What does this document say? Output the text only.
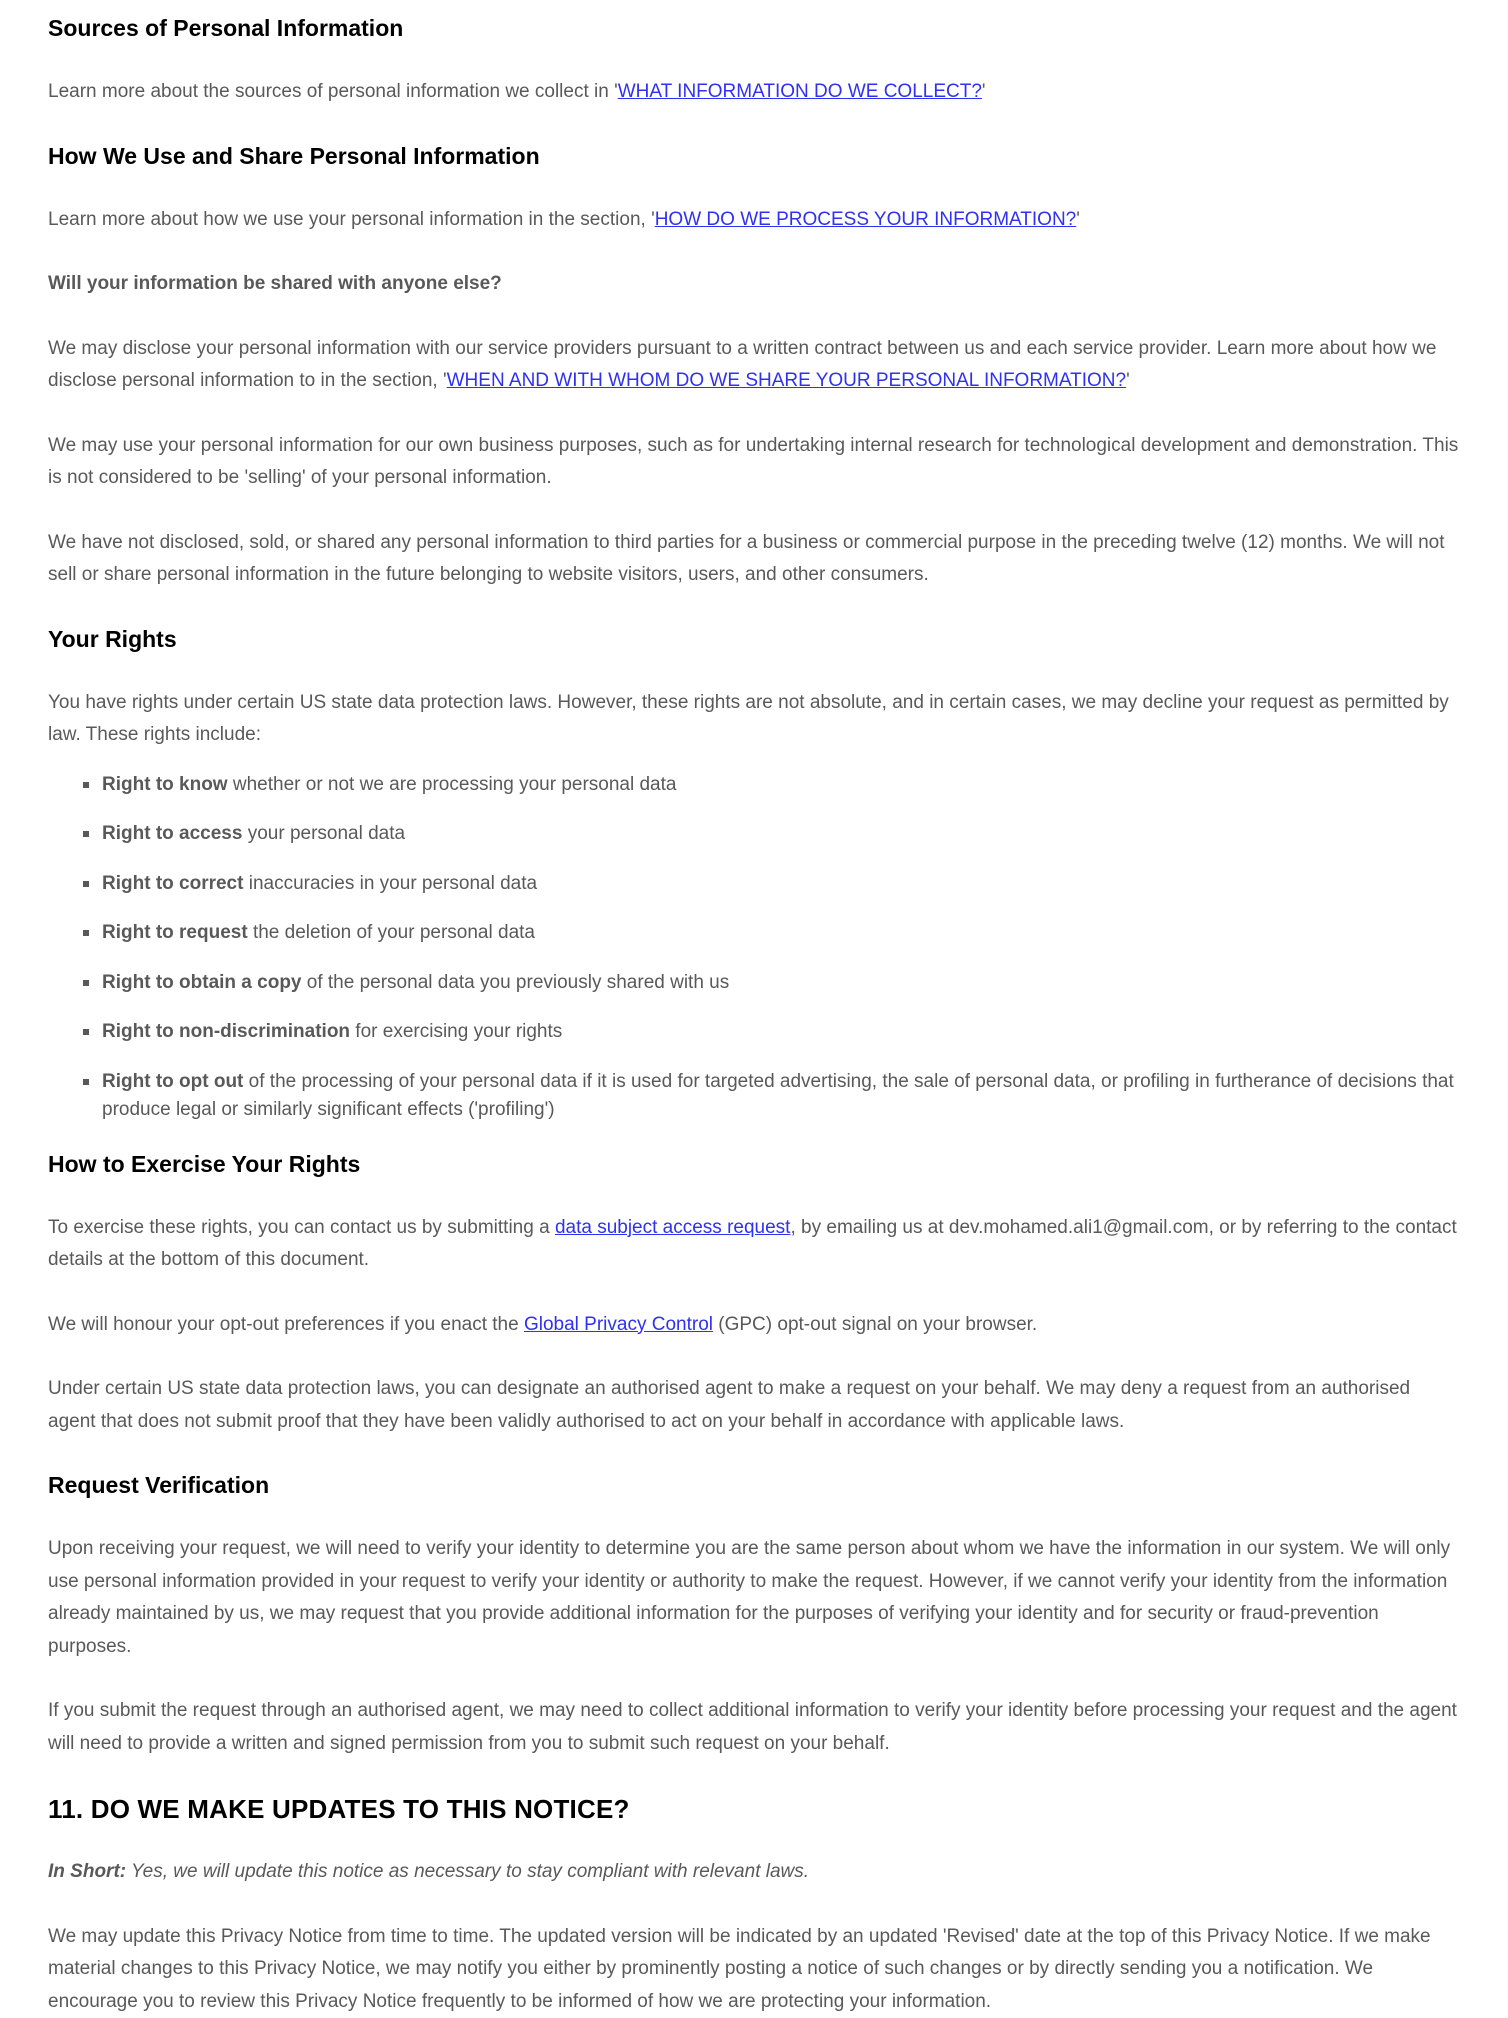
Sources of Personal Information

Learn more about the sources of personal information we collect in 'WHAT INFORMATION DO WE COLLECT?'

How We Use and Share Personal Information

Learn more about how we use your personal information in the section, 'HOW DO WE PROCESS YOUR INFORMATION?'

Will your information be shared with anyone else?

We may disclose your personal information with our service providers pursuant to a written contract between us and each service provider. Learn more about how we disclose personal information to in the section, 'WHEN AND WITH WHOM DO WE SHARE YOUR PERSONAL INFORMATION?'

We may use your personal information for our own business purposes, such as for undertaking internal research for technological development and demonstration. This is not considered to be 'selling' of your personal information.

We have not disclosed, sold, or shared any personal information to third parties for a business or commercial purpose in the preceding twelve (12) months. We will not sell or share personal information in the future belonging to website visitors, users, and other consumers.

Your Rights

You have rights under certain US state data protection laws. However, these rights are not absolute, and in certain cases, we may decline your request as permitted by law. These rights include:

Right to know whether or not we are processing your personal data
Right to access your personal data
Right to correct inaccuracies in your personal data
Right to request the deletion of your personal data
Right to obtain a copy of the personal data you previously shared with us
Right to non-discrimination for exercising your rights
Right to opt out of the processing of your personal data if it is used for targeted advertising, the sale of personal data, or profiling in furtherance of decisions that produce legal or similarly significant effects ('profiling')
How to Exercise Your Rights

To exercise these rights, you can contact us by submitting a data subject access request, by emailing us at dev.mohamed.ali1@gmail.com, or by referring to the contact details at the bottom of this document.

We will honour your opt-out preferences if you enact the Global Privacy Control (GPC) opt-out signal on your browser.

Under certain US state data protection laws, you can designate an authorised agent to make a request on your behalf. We may deny a request from an authorised agent that does not submit proof that they have been validly authorised to act on your behalf in accordance with applicable laws.

Request Verification

Upon receiving your request, we will need to verify your identity to determine you are the same person about whom we have the information in our system. We will only use personal information provided in your request to verify your identity or authority to make the request. However, if we cannot verify your identity from the information already maintained by us, we may request that you provide additional information for the purposes of verifying your identity and for security or fraud-prevention purposes.

If you submit the request through an authorised agent, we may need to collect additional information to verify your identity before processing your request and the agent will need to provide a written and signed permission from you to submit such request on your behalf.

11. DO WE MAKE UPDATES TO THIS NOTICE?

In Short: Yes, we will update this notice as necessary to stay compliant with relevant laws.

We may update this Privacy Notice from time to time. The updated version will be indicated by an updated 'Revised' date at the top of this Privacy Notice. If we make material changes to this Privacy Notice, we may notify you either by prominently posting a notice of such changes or by directly sending you a notification. We encourage you to review this Privacy Notice frequently to be informed of how we are protecting your information.
